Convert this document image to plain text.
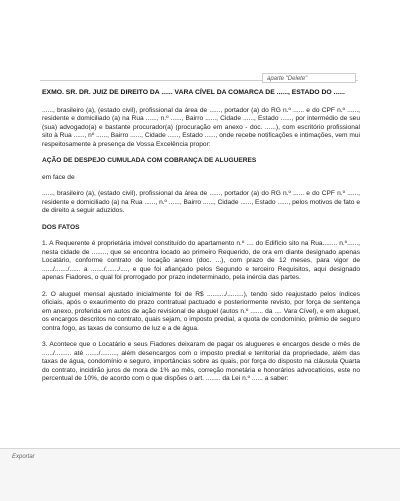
aparte "Delete"
EXMO. SR. DR. JUIZ DE DIREITO DA ...... VARA CÍVEL DA COMARCA DE ......, ESTADO DO ......
......, brasileiro (a), (estado civil), profissional da área de ......, portador (a) do RG n.º ...... e do CPF n.º ......, residente e domiciliado (a) na Rua ......, n.º ......, Bairro ......, Cidade ......, Estado ......, por intermédio de seu (sua) advogado(a) e bastante procurador(a) (procuração em anexo - doc. ......), com escritório profissional sito à Rua ......, nº ......, Bairro ......, Cidade ......, Estado ......, onde recebe notificações e intimações, vem mui respeitosamente à presença de Vossa Excelência propor:
AÇÃO DE DESPEJO CUMULADA COM COBRANÇA DE ALUGUERES
em face de
......, brasileiro (a), (estado civil), profissional da área de ......, portador (a) do RG n.º ...... e do CPF n.º ......, residente e domiciliado (a) na Rua ......, n.º ......, Bairro ......, Cidade ......, Estado ......, pelos motivos de fato e de direito a seguir aduzidos.
DOS FATOS
1. A Requerente é proprietária imóvel constituído do apartamento n.º .... do Edifício sito na Rua........ n.º......, nesta cidade de ........, que se encontra locado ao primeiro Requerido, de ora em diante designado apenas Locatário, conforme contrato de locação anexo (doc. ...), com prazo de 12 meses, para vigor de ....../......./...... a ......./......./...., e que foi afiançado pelos Segundo e terceiro Requisitos, aqui designado apenas Fiadores, o qual foi prorrogado por prazo indeterminado, pela inércia das partes.
2. O aluguel mensal ajustado inicialmente foi de R$ ........../.........), tendo sido reajustado pelos índices oficiais, após o exaurimento do prazo contratual pactuado e posteriormente revisto, por força de sentença em anexo, proferida em autos de ação revisional de aluguel (autos n.º ....... da .... Vara Cível), e em aluguel, os encargos descritos no contrato, quais sejam, o imposto predial, a quota de condomínio, prêmio de seguro contra fogo, as taxas de consumo de luz e a de água.
3. Acontece que o Locatário e seus Fiadores deixaram de pagar os alugueres e encargos desde o mês de ....../......... até ......./........., além desencargos com o imposto predial e territorial da propriedade, além das taxas de água, condomínio e seguro, importâncias sobre as quais, por força do disposto na cláusula Quarta do contrato, incidirão juros de mora de 1% ao mês, correção monetária e honorários advocatícios, este no percentual de 10%, de acordo com o que dispões o art. ........ da Lei n.º ...... a saber:
Exportar
